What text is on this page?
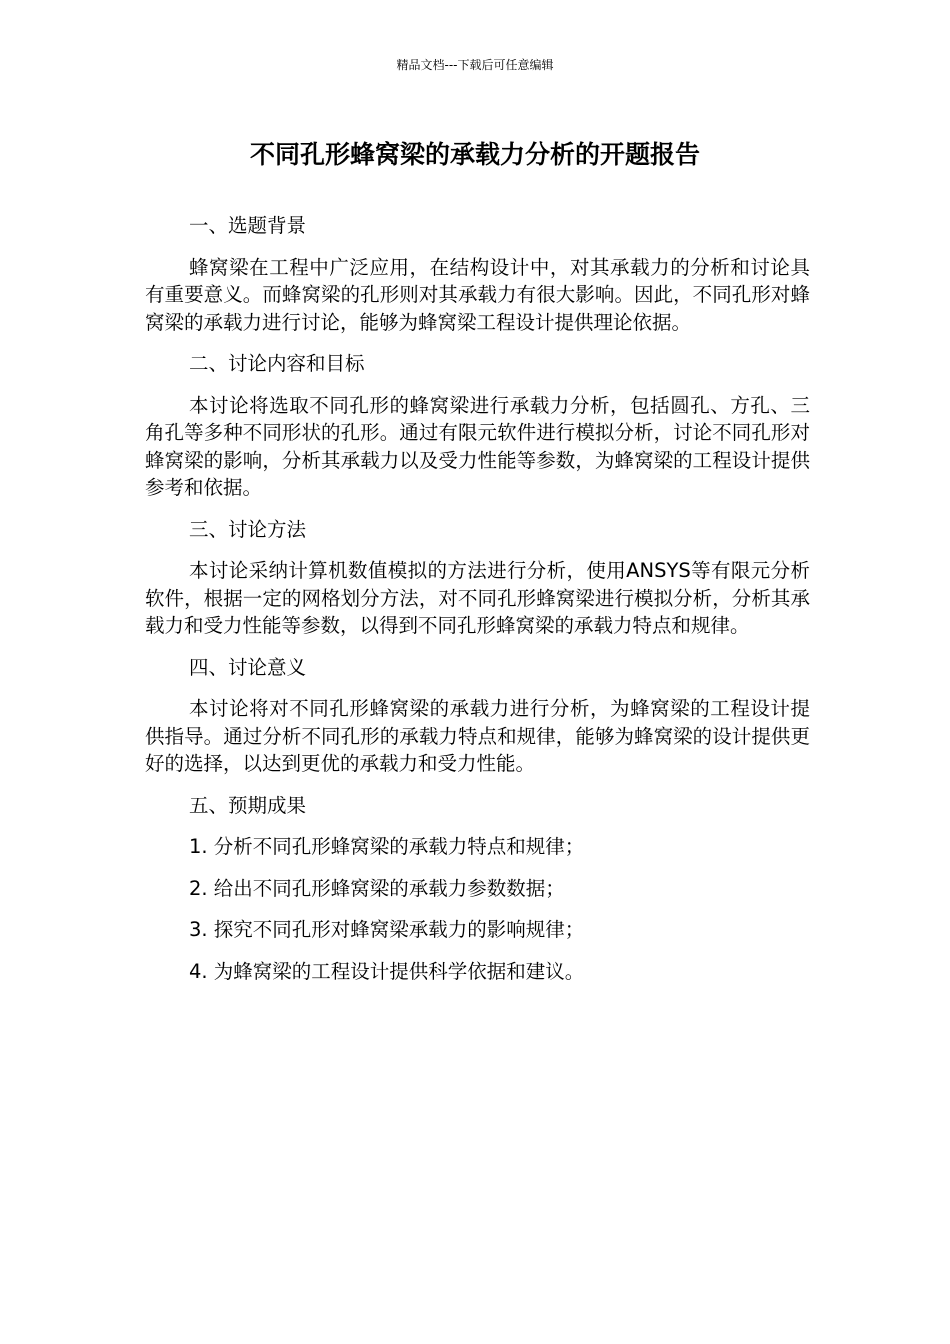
精品文档---下载后可任意编辑
不同孔形蜂窝梁的承载力分析的开题报告

一、选题背景

蜂窝梁在工程中广泛应用，在结构设计中，对其承载力的分析和讨论具有重要意义。而蜂窝梁的孔形则对其承载力有很大影响。因此，不同孔形对蜂窝梁的承载力进行讨论，能够为蜂窝梁工程设计提供理论依据。

二、讨论内容和目标

本讨论将选取不同孔形的蜂窝梁进行承载力分析，包括圆孔、方孔、三角孔等多种不同形状的孔形。通过有限元软件进行模拟分析，讨论不同孔形对蜂窝梁的影响，分析其承载力以及受力性能等参数，为蜂窝梁的工程设计提供参考和依据。

三、讨论方法

本讨论采纳计算机数值模拟的方法进行分析，使用ANSYS等有限元分析软件，根据一定的网格划分方法，对不同孔形蜂窝梁进行模拟分析，分析其承载力和受力性能等参数，以得到不同孔形蜂窝梁的承载力特点和规律。

四、讨论意义

本讨论将对不同孔形蜂窝梁的承载力进行分析，为蜂窝梁的工程设计提供指导。通过分析不同孔形的承载力特点和规律，能够为蜂窝梁的设计提供更好的选择，以达到更优的承载力和受力性能。

五、预期成果

1. 分析不同孔形蜂窝梁的承载力特点和规律；

2. 给出不同孔形蜂窝梁的承载力参数数据；

3. 探究不同孔形对蜂窝梁承载力的影响规律；

4. 为蜂窝梁的工程设计提供科学依据和建议。
